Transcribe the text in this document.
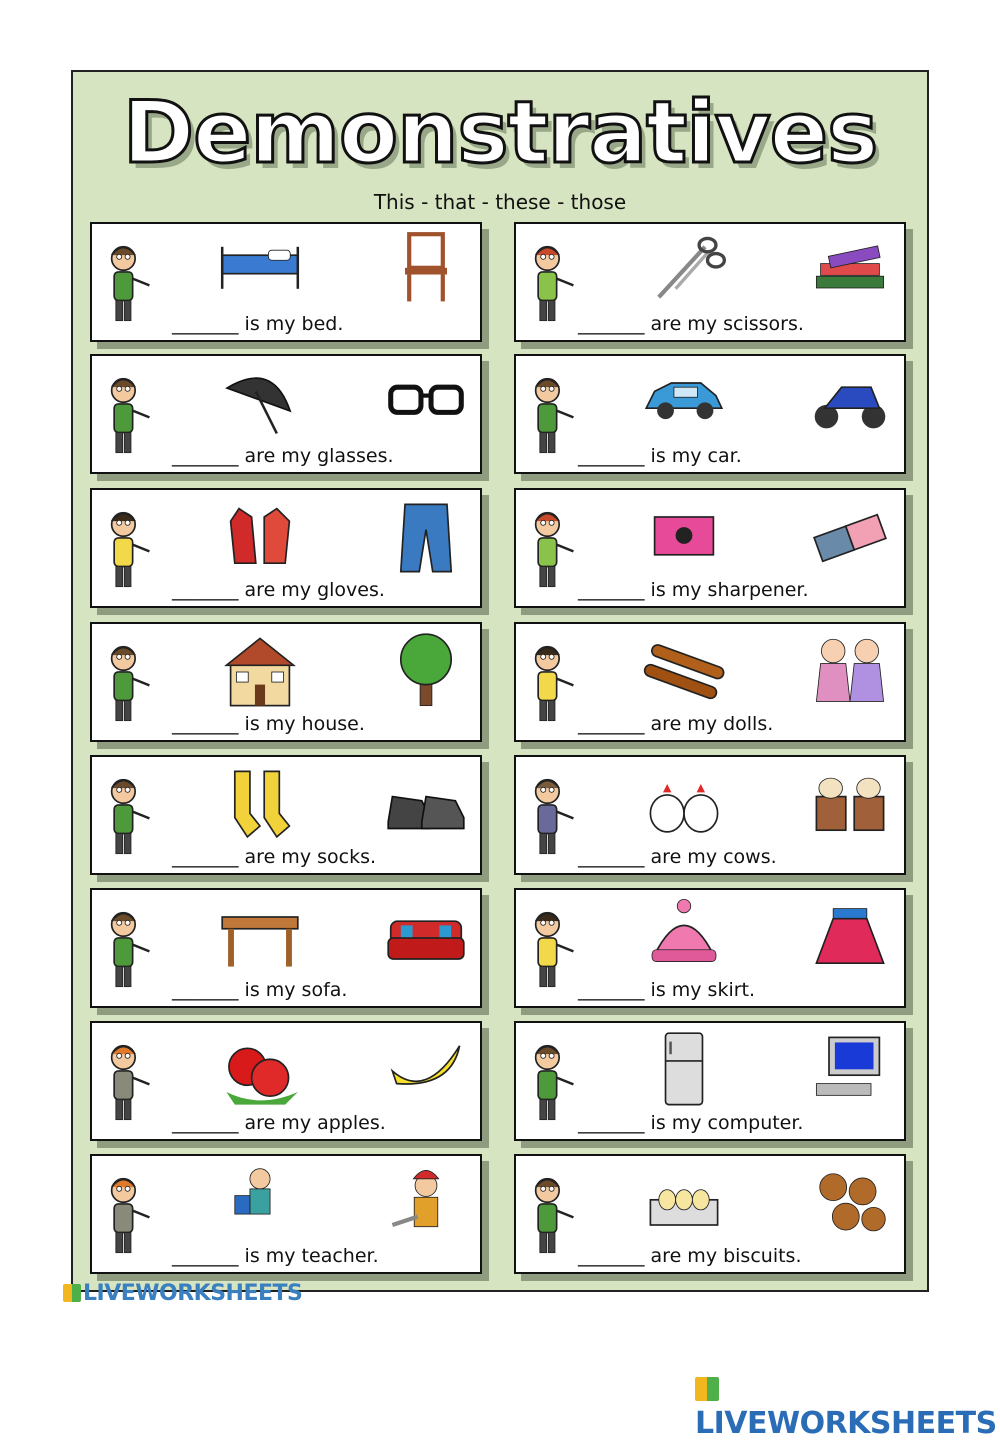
Demonstratives
This - that - these - those
_______ is my bed.	_______ are my scissors.
_______ are my glasses.	_______ is my car.
_______ are my gloves.	_______ is my sharpener.
_______ is my house.	_______ are my dolls.
_______ are my socks.	_______ are my cows.
_______ is my sofa.	_______ is my skirt.
_______ are my apples.	_______ is my computer.
_______ is my teacher.	_______ are my biscuits.
LIVEWORKSHEETS
LIVEWORKSHEETS
